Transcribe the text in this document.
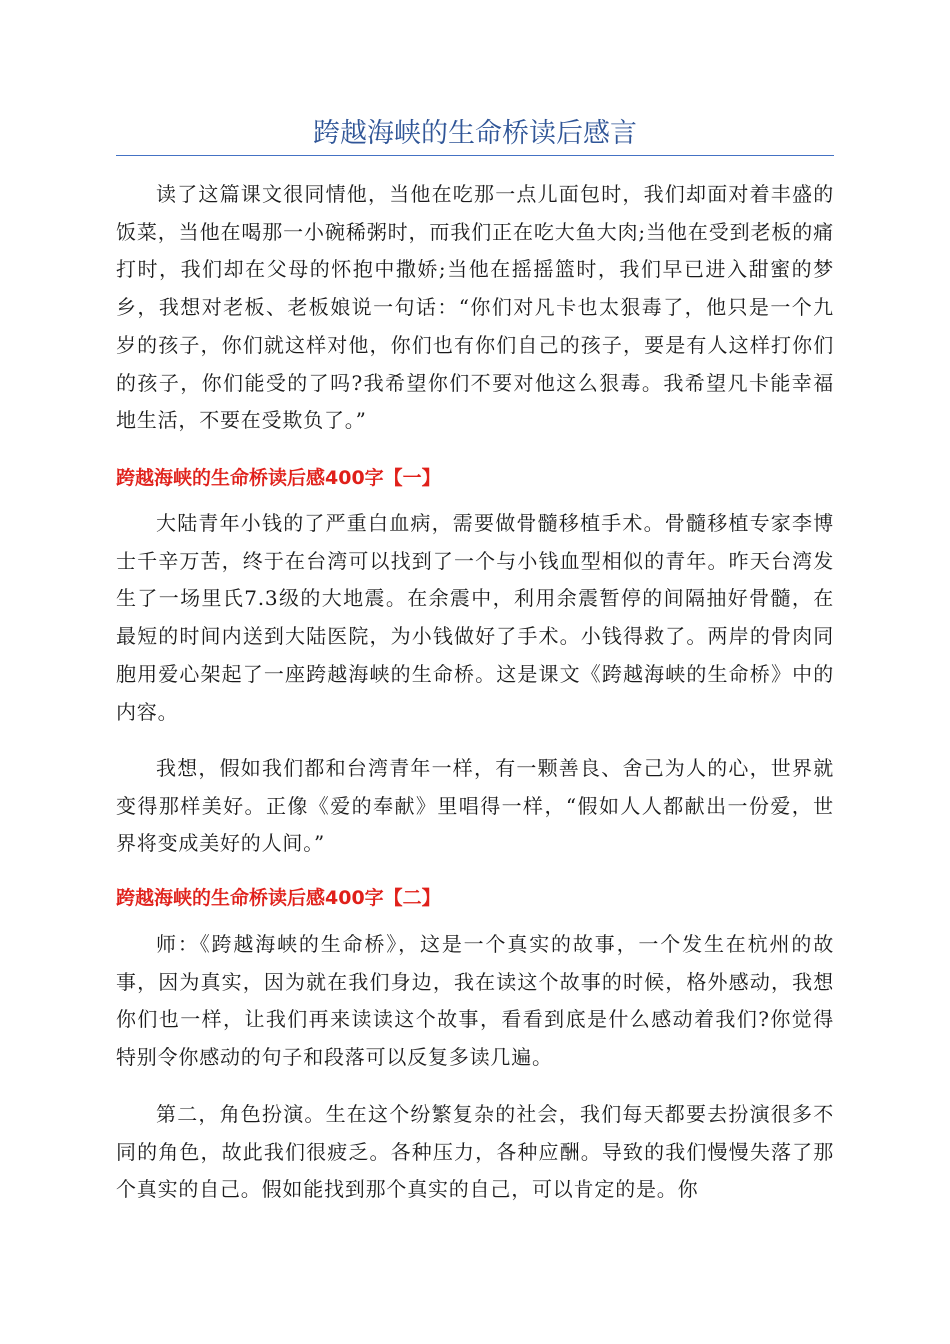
跨越海峡的生命桥读后感言

读了这篇课文很同情他，当他在吃那一点儿面包时，我们却面对着丰盛的饭菜，当他在喝那一小碗稀粥时，而我们正在吃大鱼大肉;当他在受到老板的痛打时，我们却在父母的怀抱中撒娇;当他在摇摇篮时，我们早已进入甜蜜的梦乡，我想对老板、老板娘说一句话：“你们对凡卡也太狠毒了，他只是一个九岁的孩子，你们就这样对他，你们也有你们自己的孩子，要是有人这样打你们的孩子，你们能受的了吗?我希望你们不要对他这么狠毒。我希望凡卡能幸福地生活，不要在受欺负了。”

跨越海峡的生命桥读后感400字【一】

大陆青年小钱的了严重白血病，需要做骨髓移植手术。骨髓移植专家李博士千辛万苦，终于在台湾可以找到了一个与小钱血型相似的青年。昨天台湾发生了一场里氏7.3级的大地震。在余震中，利用余震暂停的间隔抽好骨髓，在最短的时间内送到大陆医院，为小钱做好了手术。小钱得救了。两岸的骨肉同胞用爱心架起了一座跨越海峡的生命桥。这是课文《跨越海峡的生命桥》中的内容。

我想，假如我们都和台湾青年一样，有一颗善良、舍己为人的心，世界就变得那样美好。正像《爱的奉献》里唱得一样，“假如人人都献出一份爱，世界将变成美好的人间。”

跨越海峡的生命桥读后感400字【二】

师：《跨越海峡的生命桥》，这是一个真实的故事，一个发生在杭州的故事，因为真实，因为就在我们身边，我在读这个故事的时候，格外感动，我想你们也一样，让我们再来读读这个故事，看看到底是什么感动着我们?你觉得特别令你感动的句子和段落可以反复多读几遍。

第二，角色扮演。生在这个纷繁复杂的社会，我们每天都要去扮演很多不同的角色，故此我们很疲乏。各种压力，各种应酬。导致的我们慢慢失落了那个真实的自己。假如能找到那个真实的自己，可以肯定的是。你
